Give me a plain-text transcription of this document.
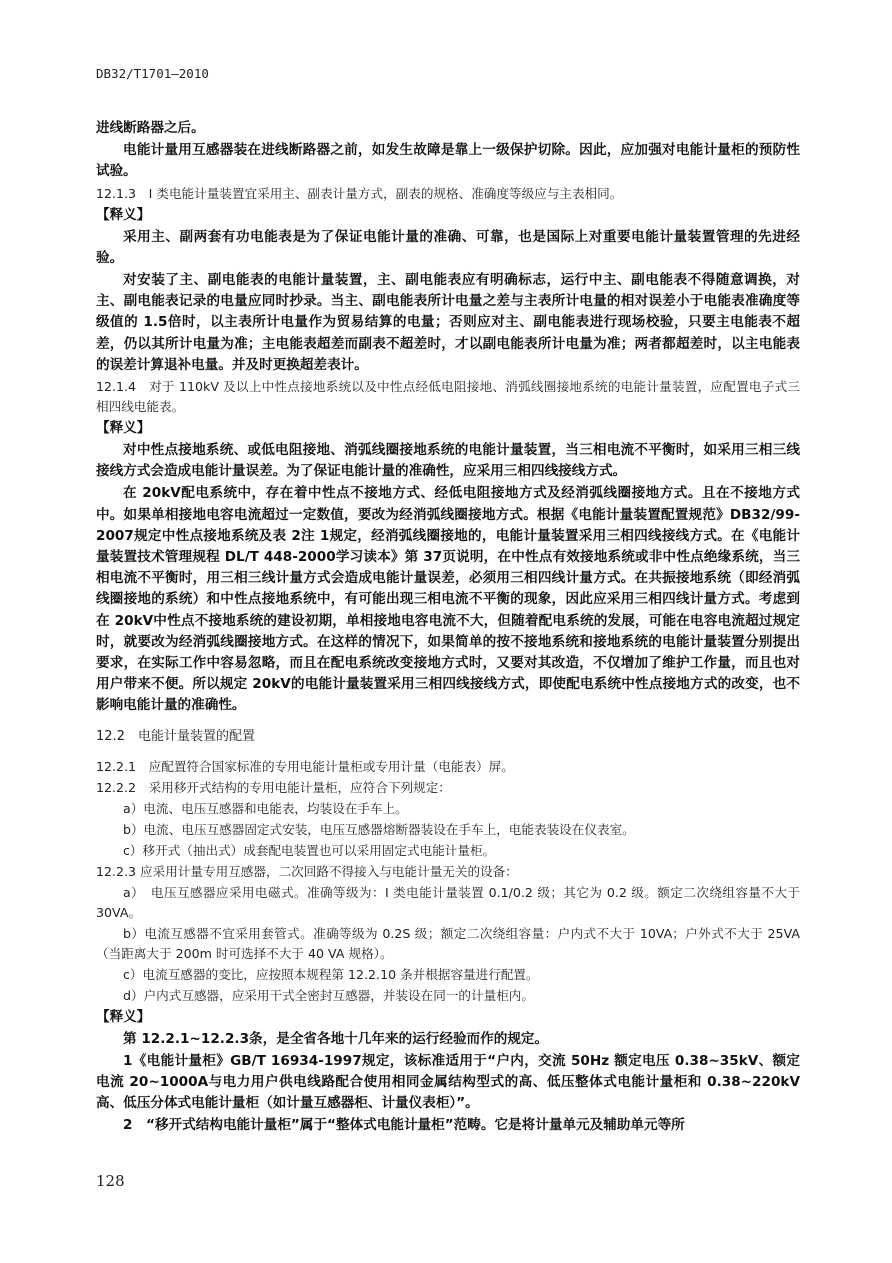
DB32/T1701—2010

进线断路器之后。

电能计量用互感器装在进线断路器之前，如发生故障是靠上一级保护切除。因此，应加强对电能计量柜的预防性试验。

12.1.3　I 类电能计量装置宜采用主、副表计量方式，副表的规格、准确度等级应与主表相同。

【释义】

采用主、副两套有功电能表是为了保证电能计量的准确、可靠，也是国际上对重要电能计量装置管理的先进经验。

对安装了主、副电能表的电能计量装置，主、副电能表应有明确标志，运行中主、副电能表不得随意调换，对主、副电能表记录的电量应同时抄录。当主、副电能表所计电量之差与主表所计电量的相对误差小于电能表准确度等级值的 1.5倍时，以主表所计电量作为贸易结算的电量；否则应对主、副电能表进行现场校验，只要主电能表不超差，仍以其所计电量为准；主电能表超差而副表不超差时，才以副电能表所计电量为准；两者都超差时，以主电能表的误差计算退补电量。并及时更换超差表计。

12.1.4　对于 110kV 及以上中性点接地系统以及中性点经低电阻接地、消弧线圈接地系统的电能计量装置，应配置电子式三相四线电能表。

【释义】

对中性点接地系统、或低电阻接地、消弧线圈接地系统的电能计量装置，当三相电流不平衡时，如采用三相三线接线方式会造成电能计量误差。为了保证电能计量的准确性，应采用三相四线接线方式。

在 20kV配电系统中，存在着中性点不接地方式、经低电阻接地方式及经消弧线圈接地方式。且在不接地方式中。如果单相接地电容电流超过一定数值，要改为经消弧线圈接地方式。根据《电能计量装置配置规范》DB32/99-2007规定中性点接地系统及表 2注 1规定，经消弧线圈接地的，电能计量装置采用三相四线接线方式。在《电能计量装置技术管理规程 DL/T 448-2000学习读本》第 37页说明，在中性点有效接地系统或非中性点绝缘系统，当三相电流不平衡时，用三相三线计量方式会造成电能计量误差，必须用三相四线计量方式。在共振接地系统（即经消弧线圈接地的系统）和中性点接地系统中，有可能出现三相电流不平衡的现象，因此应采用三相四线计量方式。考虑到在 20kV中性点不接地系统的建设初期，单相接地电容电流不大，但随着配电系统的发展，可能在电容电流超过规定时，就要改为经消弧线圈接地方式。在这样的情况下，如果简单的按不接地系统和接地系统的电能计量装置分别提出要求，在实际工作中容易忽略，而且在配电系统改变接地方式时，又要对其改造，不仅增加了维护工作量，而且也对用户带来不便。所以规定 20kV的电能计量装置采用三相四线接线方式，即使配电系统中性点接地方式的改变，也不影响电能计量的准确性。

12.2　电能计量装置的配置

12.2.1　应配置符合国家标准的专用电能计量柜或专用计量（电能表）屏。

12.2.2　采用移开式结构的专用电能计量柜，应符合下列规定：

a）电流、电压互感器和电能表，均装设在手车上。

b）电流、电压互感器固定式安装，电压互感器熔断器装设在手车上，电能表装设在仪表室。

c）移开式（抽出式）成套配电装置也可以采用固定式电能计量柜。

12.2.3 应采用计量专用互感器，二次回路不得接入与电能计量无关的设备：

a）　电压互感器应采用电磁式。准确等级为：I 类电能计量装置 0.1/0.2 级；其它为 0.2 级。额定二次绕组容量不大于 30VA。

b）电流互感器不宜采用套管式。准确等级为 0.2S 级；额定二次绕组容量：户内式不大于 10VA；户外式不大于 25VA（当距离大于 200m 时可选择不大于 40 VA 规格）。

c）电流互感器的变比，应按照本规程第 12.2.10 条并根据容量进行配置。

d）户内式互感器，应采用干式全密封互感器，并装设在同一的计量柜内。

【释义】

第 12.2.1~12.2.3条，是全省各地十几年来的运行经验而作的规定。

1《电能计量柜》GB/T 16934-1997规定，该标准适用于“户内，交流 50Hz 额定电压 0.38~35kV、额定电流 20~1000A与电力用户供电线路配合使用相同金属结构型式的高、低压整体式电能计量柜和 0.38~220kV高、低压分体式电能计量柜（如计量互感器柜、计量仪表柜）”。

2　“移开式结构电能计量柜”属于“整体式电能计量柜”范畴。它是将计量单元及辅助单元等所

128
